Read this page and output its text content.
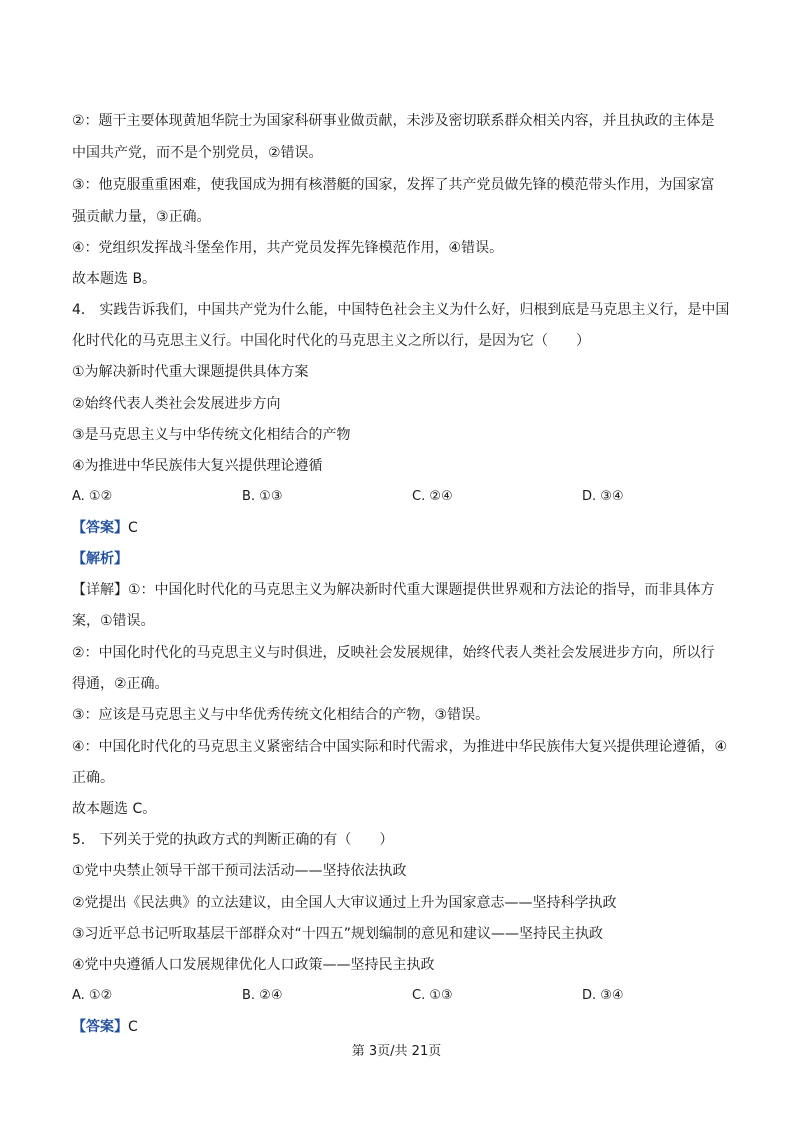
②：题干主要体现黄旭华院士为国家科研事业做贡献，未涉及密切联系群众相关内容，并且执政的主体是
中国共产党，而不是个别党员，②错误。
③：他克服重重困难，使我国成为拥有核潜艇的国家，发挥了共产党员做先锋的模范带头作用，为国家富
强贡献力量，③正确。
④：党组织发挥战斗堡垒作用，共产党员发挥先锋模范作用，④错误。
故本题选 B。
4． 实践告诉我们，中国共产党为什么能，中国特色社会主义为什么好，归根到底是马克思主义行，是中国
化时代化的马克思主义行。中国化时代化的马克思主义之所以行，是因为它（　　）
①为解决新时代重大课题提供具体方案
②始终代表人类社会发展进步方向
③是马克思主义与中华传统文化相结合的产物
④为推进中华民族伟大复兴提供理论遵循
A. ①②	B. ①③	C. ②④	D. ③④
【答案】C
【解析】
【详解】①：中国化时代化的马克思主义为解决新时代重大课题提供世界观和方法论的指导，而非具体方
案，①错误。
②：中国化时代化的马克思主义与时俱进，反映社会发展规律，始终代表人类社会发展进步方向，所以行
得通，②正确。
③：应该是马克思主义与中华优秀传统文化相结合的产物，③错误。
④：中国化时代化的马克思主义紧密结合中国实际和时代需求，为推进中华民族伟大复兴提供理论遵循，④
正确。
故本题选 C。
5． 下列关于党的执政方式的判断正确的有（　　）
①党中央禁止领导干部干预司法活动——坚持依法执政
②党提出《民法典》的立法建议，由全国人大审议通过上升为国家意志——坚持科学执政
③习近平总书记听取基层干部群众对“十四五”规划编制的意见和建议——坚持民主执政
④党中央遵循人口发展规律优化人口政策——坚持民主执政
A. ①②	B. ②④	C. ①③	D. ③④
【答案】C
第 3页/共 21页
